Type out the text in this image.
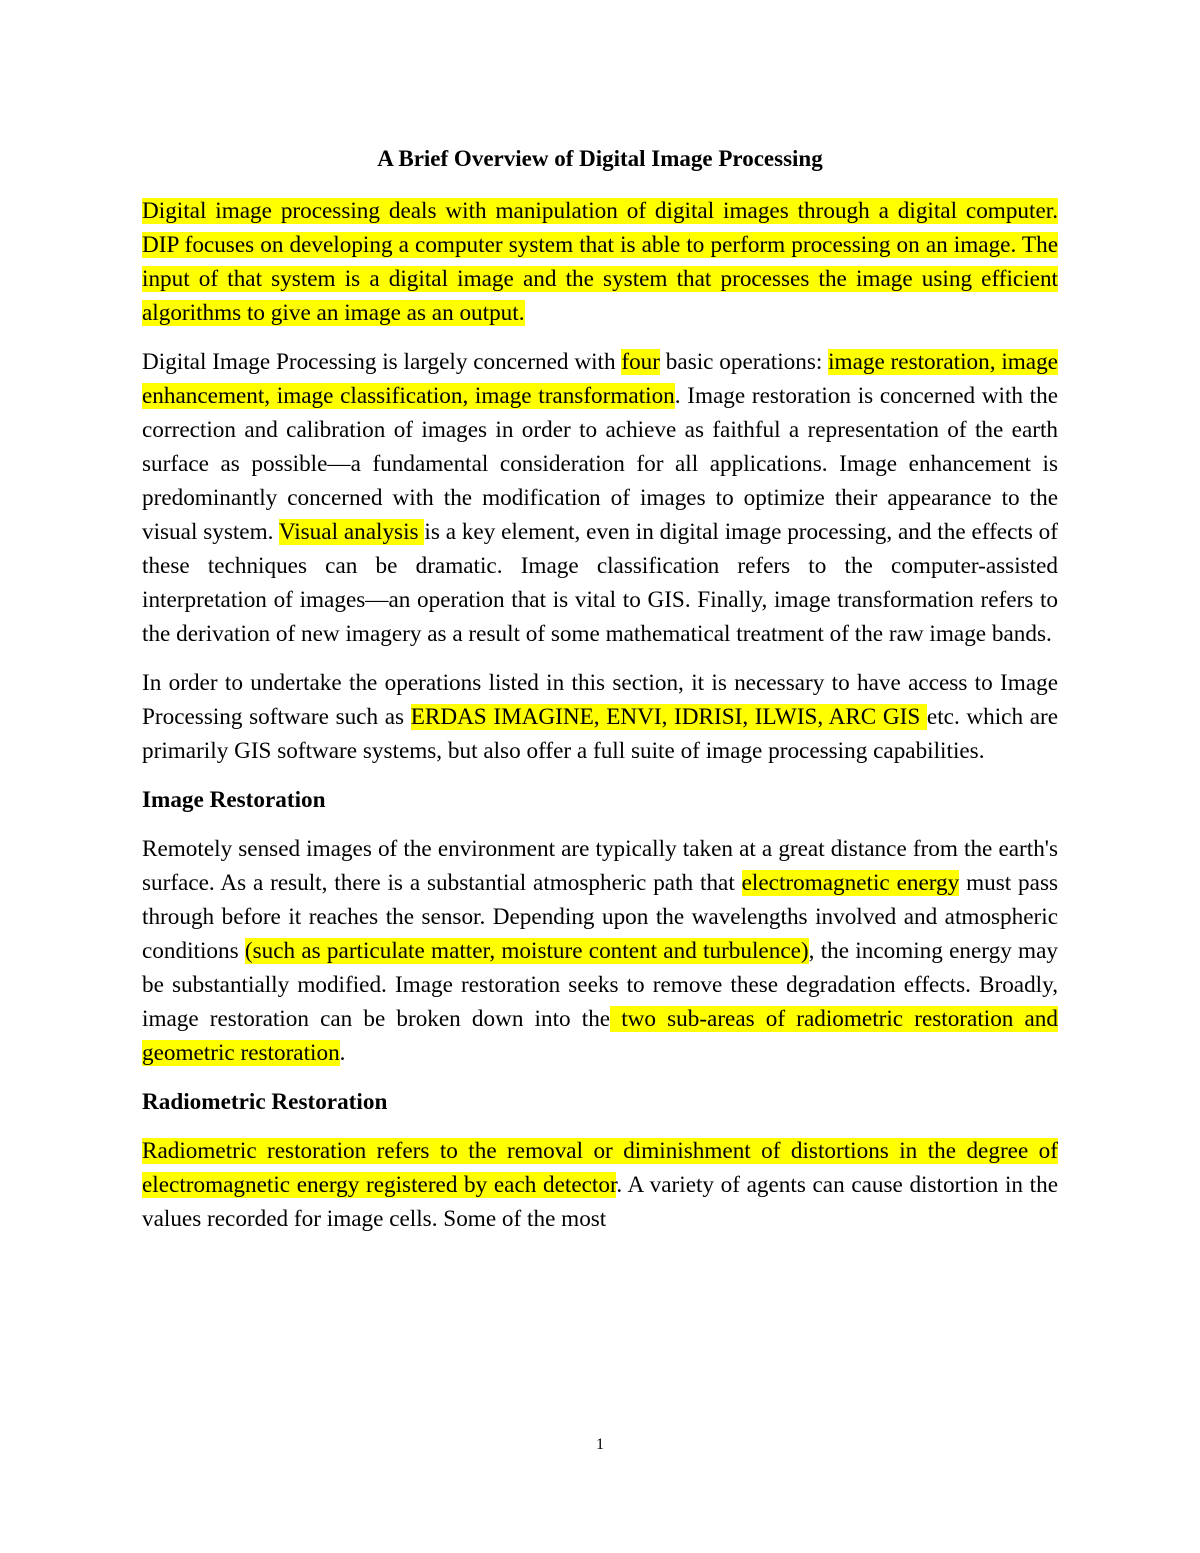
A Brief Overview of Digital Image Processing

Digital image processing deals with manipulation of digital images through a digital computer. DIP focuses on developing a computer system that is able to perform processing on an image. The input of that system is a digital image and the system that processes the image using efficient algorithms to give an image as an output.

Digital Image Processing is largely concerned with four basic operations: image restoration, image enhancement, image classification, image transformation. Image restoration is concerned with the correction and calibration of images in order to achieve as faithful a representation of the earth surface as possible—a fundamental consideration for all applications. Image enhancement is predominantly concerned with the modification of images to optimize their appearance to the visual system. Visual analysis is a key element, even in digital image processing, and the effects of these techniques can be dramatic. Image classification refers to the computer-assisted interpretation of images—an operation that is vital to GIS. Finally, image transformation refers to the derivation of new imagery as a result of some mathematical treatment of the raw image bands.

In order to undertake the operations listed in this section, it is necessary to have access to Image Processing software such as ERDAS IMAGINE, ENVI, IDRISI, ILWIS, ARC GIS etc. which are primarily GIS software systems, but also offer a full suite of image processing capabilities.

Image Restoration

Remotely sensed images of the environment are typically taken at a great distance from the earth's surface. As a result, there is a substantial atmospheric path that electromagnetic energy must pass through before it reaches the sensor. Depending upon the wavelengths involved and atmospheric conditions (such as particulate matter, moisture content and turbulence), the incoming energy may be substantially modified. Image restoration seeks to remove these degradation effects. Broadly, image restoration can be broken down into the two sub-areas of radiometric restoration and geometric restoration.

Radiometric Restoration

Radiometric restoration refers to the removal or diminishment of distortions in the degree of electromagnetic energy registered by each detector. A variety of agents can cause distortion in the values recorded for image cells. Some of the most

1
